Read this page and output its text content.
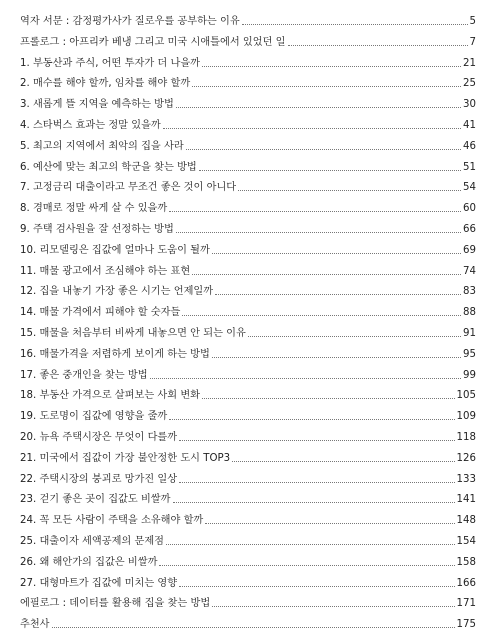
역자 서문 : 감정평가사가 질로우를 공부하는 이유	5
프롤로그 : 아프리카 베냉 그리고 미국 시애틀에서 있었던 일	7
1. 부동산과 주식, 어떤 투자가 더 나을까	21
2. 매수를 해야 할까, 임차를 해야 할까	25
3. 새롭게 뜰 지역을 예측하는 방법	30
4. 스타벅스 효과는 정말 있을까	41
5. 최고의 지역에서 최악의 집을 사라	46
6. 예산에 맞는 최고의 학군을 찾는 방법	51
7. 고정금리 대출이라고 무조건 좋은 것이 아니다	54
8. 경매로 정말 싸게 살 수 있을까	60
9. 주택 검사원을 잘 선정하는 방법	66
10. 리모델링은 집값에 얼마나 도움이 될까	69
11. 매물 광고에서 조심해야 하는 표현	74
12. 집을 내놓기 가장 좋은 시기는 언제일까	83
14. 매물 가격에서 피해야 할 숫자들	88
15. 매물을 처음부터 비싸게 내놓으면 안 되는 이유	91
16. 매물가격을 저렴하게 보이게 하는 방법	95
17. 좋은 중개인을 찾는 방법	99
18. 부동산 가격으로 살펴보는 사회 변화	105
19. 도로명이 집값에 영향을 줄까	109
20. 뉴욕 주택시장은 무엇이 다를까	118
21. 미국에서 집값이 가장 불안정한 도시 TOP3	126
22. 주택시장의 붕괴로 망가진 일상	133
23. 걷기 좋은 곳이 집값도 비쌀까	141
24. 꼭 모든 사람이 주택을 소유해야 할까	148
25. 대출이자 세액공제의 문제점	154
26. 왜 해안가의 집값은 비쌀까	158
27. 대형마트가 집값에 미치는 영향	166
에필로그 : 데이터를 활용해 집을 찾는 방법	171
추천사	175
